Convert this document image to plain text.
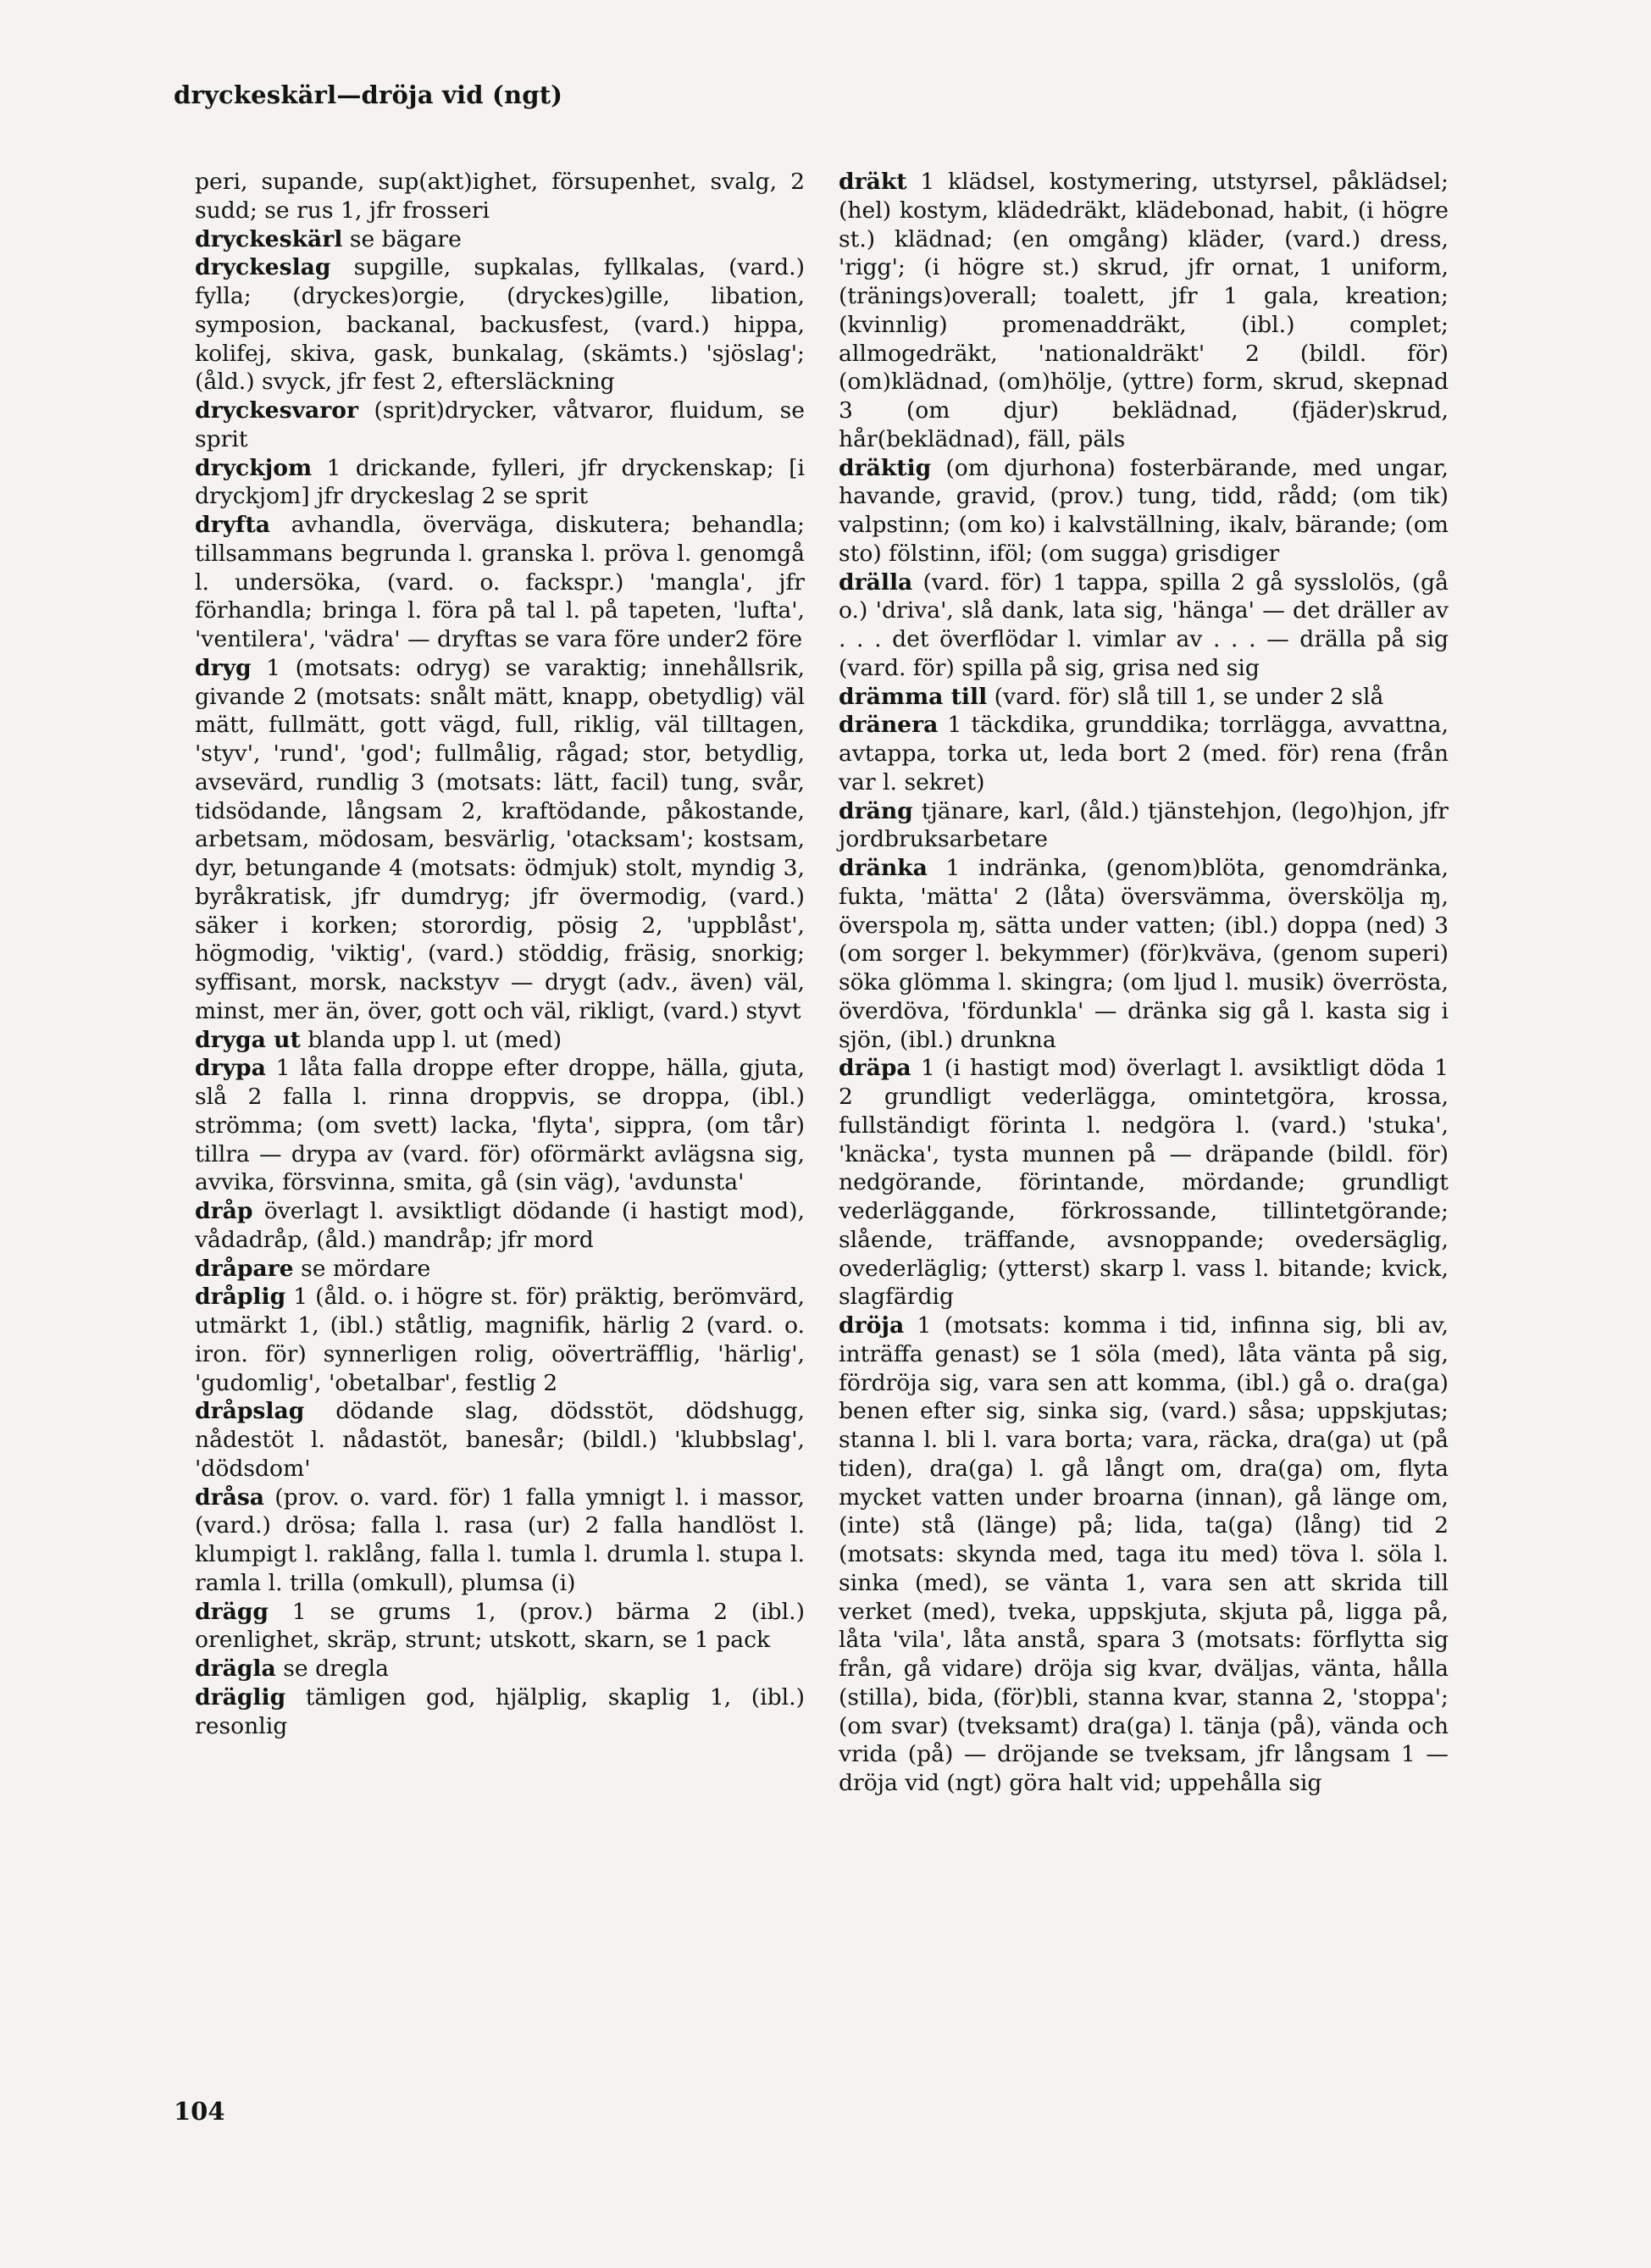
dryckeskärl—dröja vid (ngt)

peri, supande, sup(akt)ighet, försupenhet, svalg, 2 sudd; se rus 1, jfr frosseri

dryckeskärl se bägare

dryckeslag supgille, supkalas, fyllkalas, (vard.) fylla; (dryckes)orgie, (dryckes)gille, libation, symposion, backanal, backusfest, (vard.) hippa, kolifej, skiva, gask, bunkalag, (skämts.) 'sjöslag'; (åld.) svyck, jfr fest 2, eftersläckning

dryckesvaror (sprit)drycker, våtvaror, fluidum, se sprit

dryckjom 1 drickande, fylleri, jfr dryckenskap; [i dryckjom] jfr dryckeslag 2 se sprit

dryfta avhandla, överväga, diskutera; behandla; tillsammans begrunda l. granska l. pröva l. genomgå l. undersöka, (vard. o. fackspr.) 'mangla', jfr förhandla; bringa l. föra på tal l. på tapeten, 'lufta', 'ventilera', 'vädra' — dryftas se vara före under2 före

dryg 1 (motsats: odryg) se varaktig; innehållsrik, givande 2 (motsats: snålt mätt, knapp, obetydlig) väl mätt, fullmätt, gott vägd, full, riklig, väl tilltagen, 'styv', 'rund', 'god'; fullmålig, rågad; stor, betydlig, avsevärd, rundlig 3 (motsats: lätt, facil) tung, svår, tidsödande, långsam 2, kraftödande, påkostande, arbetsam, mödosam, besvärlig, 'otacksam'; kostsam, dyr, betungande 4 (motsats: ödmjuk) stolt, myndig 3, byråkratisk, jfr dumdryg; jfr övermodig, (vard.) säker i korken; storordig, pösig 2, 'uppblåst', högmodig, 'viktig', (vard.) stöddig, fräsig, snorkig; syffisant, morsk, nackstyv — drygt (adv., även) väl, minst, mer än, över, gott och väl, rikligt, (vard.) styvt

dryga ut blanda upp l. ut (med)

drypa 1 låta falla droppe efter droppe, hälla, gjuta, slå 2 falla l. rinna droppvis, se droppa, (ibl.) strömma; (om svett) lacka, 'flyta', sippra, (om tår) tillra — drypa av (vard. för) oförmärkt avlägsna sig, avvika, försvinna, smita, gå (sin väg), 'avdunsta'

dråp överlagt l. avsiktligt dödande (i hastigt mod), vådadråp, (åld.) mandråp; jfr mord

dråpare se mördare

dråplig 1 (åld. o. i högre st. för) präktig, berömvärd, utmärkt 1, (ibl.) ståtlig, magnifik, härlig 2 (vard. o. iron. för) synnerligen rolig, oöverträfflig, 'härlig', 'gudomlig', 'obetalbar', festlig 2

dråpslag dödande slag, dödsstöt, dödshugg, nådestöt l. nådastöt, banesår; (bildl.) 'klubbslag', 'dödsdom'

dråsa (prov. o. vard. för) 1 falla ymnigt l. i massor, (vard.) drösa; falla l. rasa (ur) 2 falla handlöst l. klumpigt l. raklång, falla l. tumla l. drumla l. stupa l. ramla l. trilla (omkull), plumsa (i)

drägg 1 se grums 1, (prov.) bärma 2 (ibl.) orenlighet, skräp, strunt; utskott, skarn, se 1 pack

drägla se dregla

dräglig tämligen god, hjälplig, skaplig 1, (ibl.) resonlig

dräkt 1 klädsel, kostymering, utstyrsel, påklädsel; (hel) kostym, klädedräkt, klädebonad, habit, (i högre st.) klädnad; (en omgång) kläder, (vard.) dress, 'rigg'; (i högre st.) skrud, jfr ornat, 1 uniform, (tränings)overall; toalett, jfr 1 gala, kreation; (kvinnlig) promenaddräkt, (ibl.) complet; allmogedräkt, 'nationaldräkt' 2 (bildl. för) (om)klädnad, (om)hölje, (yttre) form, skrud, skepnad 3 (om djur) beklädnad, (fjäder)skrud, hår(beklädnad), fäll, päls

dräktig (om djurhona) fosterbärande, med ungar, havande, gravid, (prov.) tung, tidd, rådd; (om tik) valpstinn; (om ko) i kalvställning, ikalv, bärande; (om sto) fölstinn, iföl; (om sugga) grisdiger

drälla (vard. för) 1 tappa, spilla 2 gå sysslolös, (gå o.) 'driva', slå dank, lata sig, 'hänga' — det dräller av . . . det överflödar l. vimlar av . . . — drälla på sig (vard. för) spilla på sig, grisa ned sig

drämma till (vard. för) slå till 1, se under 2 slå

dränera 1 täckdika, grunddika; torrlägga, avvattna, avtappa, torka ut, leda bort 2 (med. för) rena (från var l. sekret)

dräng tjänare, karl, (åld.) tjänstehjon, (lego)hjon, jfr jordbruksarbetare

dränka 1 indränka, (genom)blöta, genomdränka, fukta, 'mätta' 2 (låta) översvämma, överskölja ɱ, överspola ɱ, sätta under vatten; (ibl.) doppa (ned) 3 (om sorger l. bekymmer) (för)kväva, (genom superi) söka glömma l. skingra; (om ljud l. musik) överrösta, överdöva, 'fördunkla' — dränka sig gå l. kasta sig i sjön, (ibl.) drunkna

dräpa 1 (i hastigt mod) överlagt l. avsiktligt döda 1 2 grundligt vederlägga, omintetgöra, krossa, fullständigt förinta l. nedgöra l. (vard.) 'stuka', 'knäcka', tysta munnen på — dräpande (bildl. för) nedgörande, förintande, mördande; grundligt vederläggande, förkrossande, tillintetgörande; slående, träffande, avsnoppande; ovedersäglig, ovederläglig; (ytterst) skarp l. vass l. bitande; kvick, slagfärdig

dröja 1 (motsats: komma i tid, infinna sig, bli av, inträffa genast) se 1 söla (med), låta vänta på sig, fördröja sig, vara sen att komma, (ibl.) gå o. dra(ga) benen efter sig, sinka sig, (vard.) såsa; uppskjutas; stanna l. bli l. vara borta; vara, räcka, dra(ga) ut (på tiden), dra(ga) l. gå långt om, dra(ga) om, flyta mycket vatten under broarna (innan), gå länge om, (inte) stå (länge) på; lida, ta(ga) (lång) tid 2 (motsats: skynda med, taga itu med) töva l. söla l. sinka (med), se vänta 1, vara sen att skrida till verket (med), tveka, uppskjuta, skjuta på, ligga på, låta 'vila', låta anstå, spara 3 (motsats: förflytta sig från, gå vidare) dröja sig kvar, dväljas, vänta, hålla (stilla), bida, (för)bli, stanna kvar, stanna 2, 'stoppa'; (om svar) (tveksamt) dra(ga) l. tänja (på), vända och vrida (på) — dröjande se tveksam, jfr långsam 1 — dröja vid (ngt) göra halt vid; uppehålla sig

104
